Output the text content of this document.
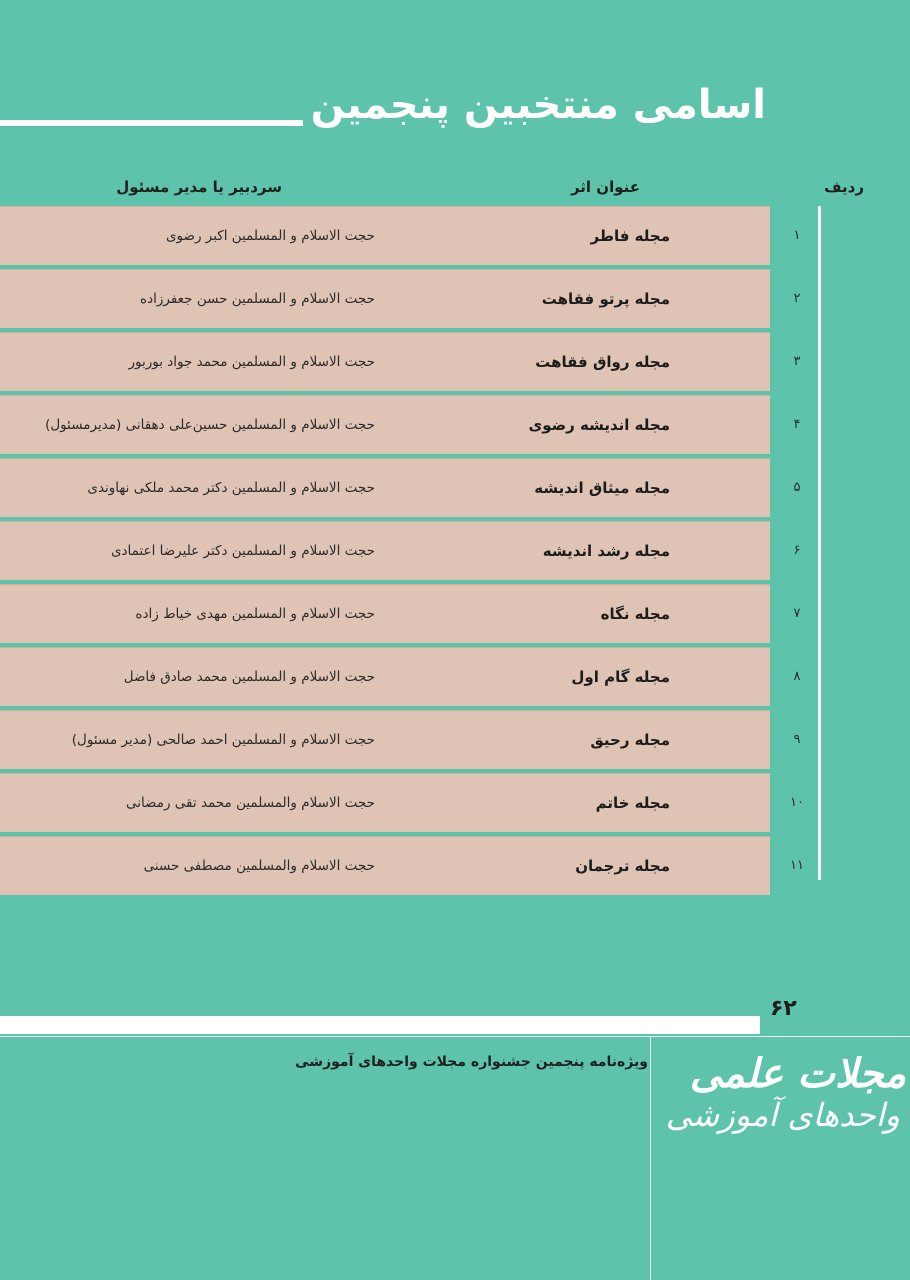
اسامی منتخبین پنجمین
ردیف
عنوان اثر
سردبیر یا مدیر مسئول
۱
مجله فاطر
حجت الاسلام و المسلمین اکبر رضوی
۲
مجله پرتو فقاهت
حجت الاسلام و المسلمین حسن جعفرزاده
۳
مجله رواق فقاهت
حجت الاسلام و المسلمین محمد جواد بوربور
۴
مجله اندیشه رضوی
حجت الاسلام و المسلمین حسین‌علی دهقانی (مدیرمسئول)
۵
مجله میثاق اندیشه
حجت الاسلام و المسلمین دکتر محمد ملکی نهاوندی
۶
مجله رشد اندیشه
حجت الاسلام و المسلمین دکتر علیرضا اعتمادی
۷
مجله نگاه
حجت الاسلام و المسلمین مهدی خیاط زاده
۸
مجله گام اول
حجت الاسلام و المسلمین محمد صادق فاضل
۹
مجله رحیق
حجت الاسلام و المسلمین احمد صالحی (مدیر مسئول)
۱۰
مجله خاتم
حجت الاسلام والمسلمین محمد تقی رمضانی
۱۱
مجله ترجمان
حجت الاسلام والمسلمین مصطفی حسنی
۶۲
ویژه‌نامه پنجمین جشنواره مجلات واحدهای آموزشی مجلات علمی
واحدهای آموزشی
